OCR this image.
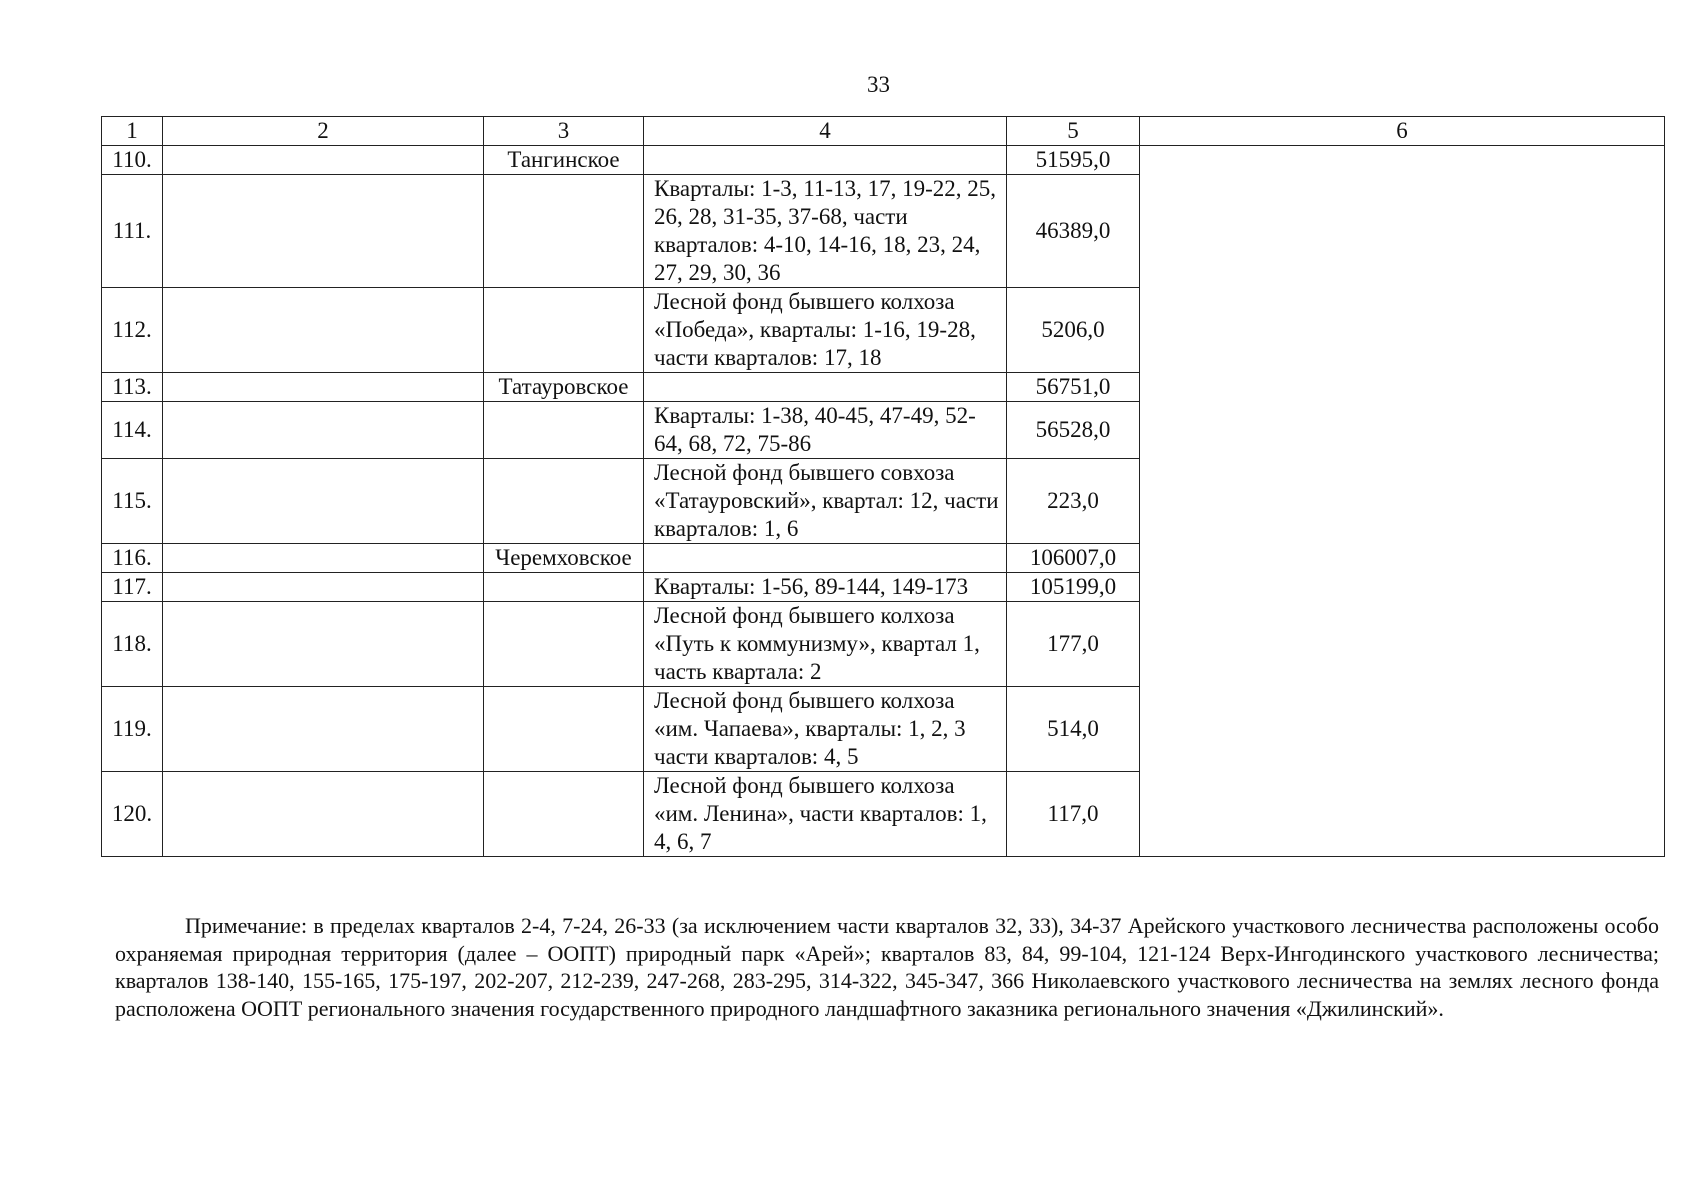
33
1	2	3	4	5	6
110.		Тангинское		51595,0	
111.			Кварталы: 1-3, 11-13, 17, 19-22, 25, 26, 28, 31-35, 37-68, части кварталов: 4-10, 14-16, 18, 23, 24, 27, 29, 30, 36	46389,0	
112.			Лесной фонд бывшего колхоза «Победа», кварталы: 1-16, 19-28, части кварталов: 17, 18	5206,0	
113.		Татауровское		56751,0	
114.			Кварталы: 1-38, 40-45, 47-49, 52-64, 68, 72, 75-86	56528,0	
115.			Лесной фонд бывшего совхоза «Татауровский», квартал: 12, части кварталов: 1, 6	223,0	
116.		Черемховское		106007,0	
117.			Кварталы: 1-56, 89-144, 149-173	105199,0	
118.			Лесной фонд бывшего колхоза «Путь к коммунизму», квартал 1, часть квартала: 2	177,0	
119.			Лесной фонд бывшего колхоза «им. Чапаева», кварталы: 1, 2, 3 части кварталов: 4, 5	514,0	
120.			Лесной фонд бывшего колхоза «им. Ленина», части кварталов: 1, 4, 6, 7	117,0	

Примечание: в пределах кварталов 2-4, 7-24, 26-33 (за исключением части кварталов 32, 33), 34-37 Арейского участкового лесничества расположены особо охраняемая природная территория (далее – ООПТ) природный парк «Арей»; кварталов 83, 84, 99-104, 121-124 Верх-Ингодинского участкового лесничества; кварталов 138-140, 155-165, 175-197, 202-207, 212-239, 247-268, 283-295, 314-322, 345-347, 366 Николаевского участкового лесничества на землях лесного фонда расположена ООПТ регионального значения государственного природного ландшафтного заказника регионального значения «Джилинский».
